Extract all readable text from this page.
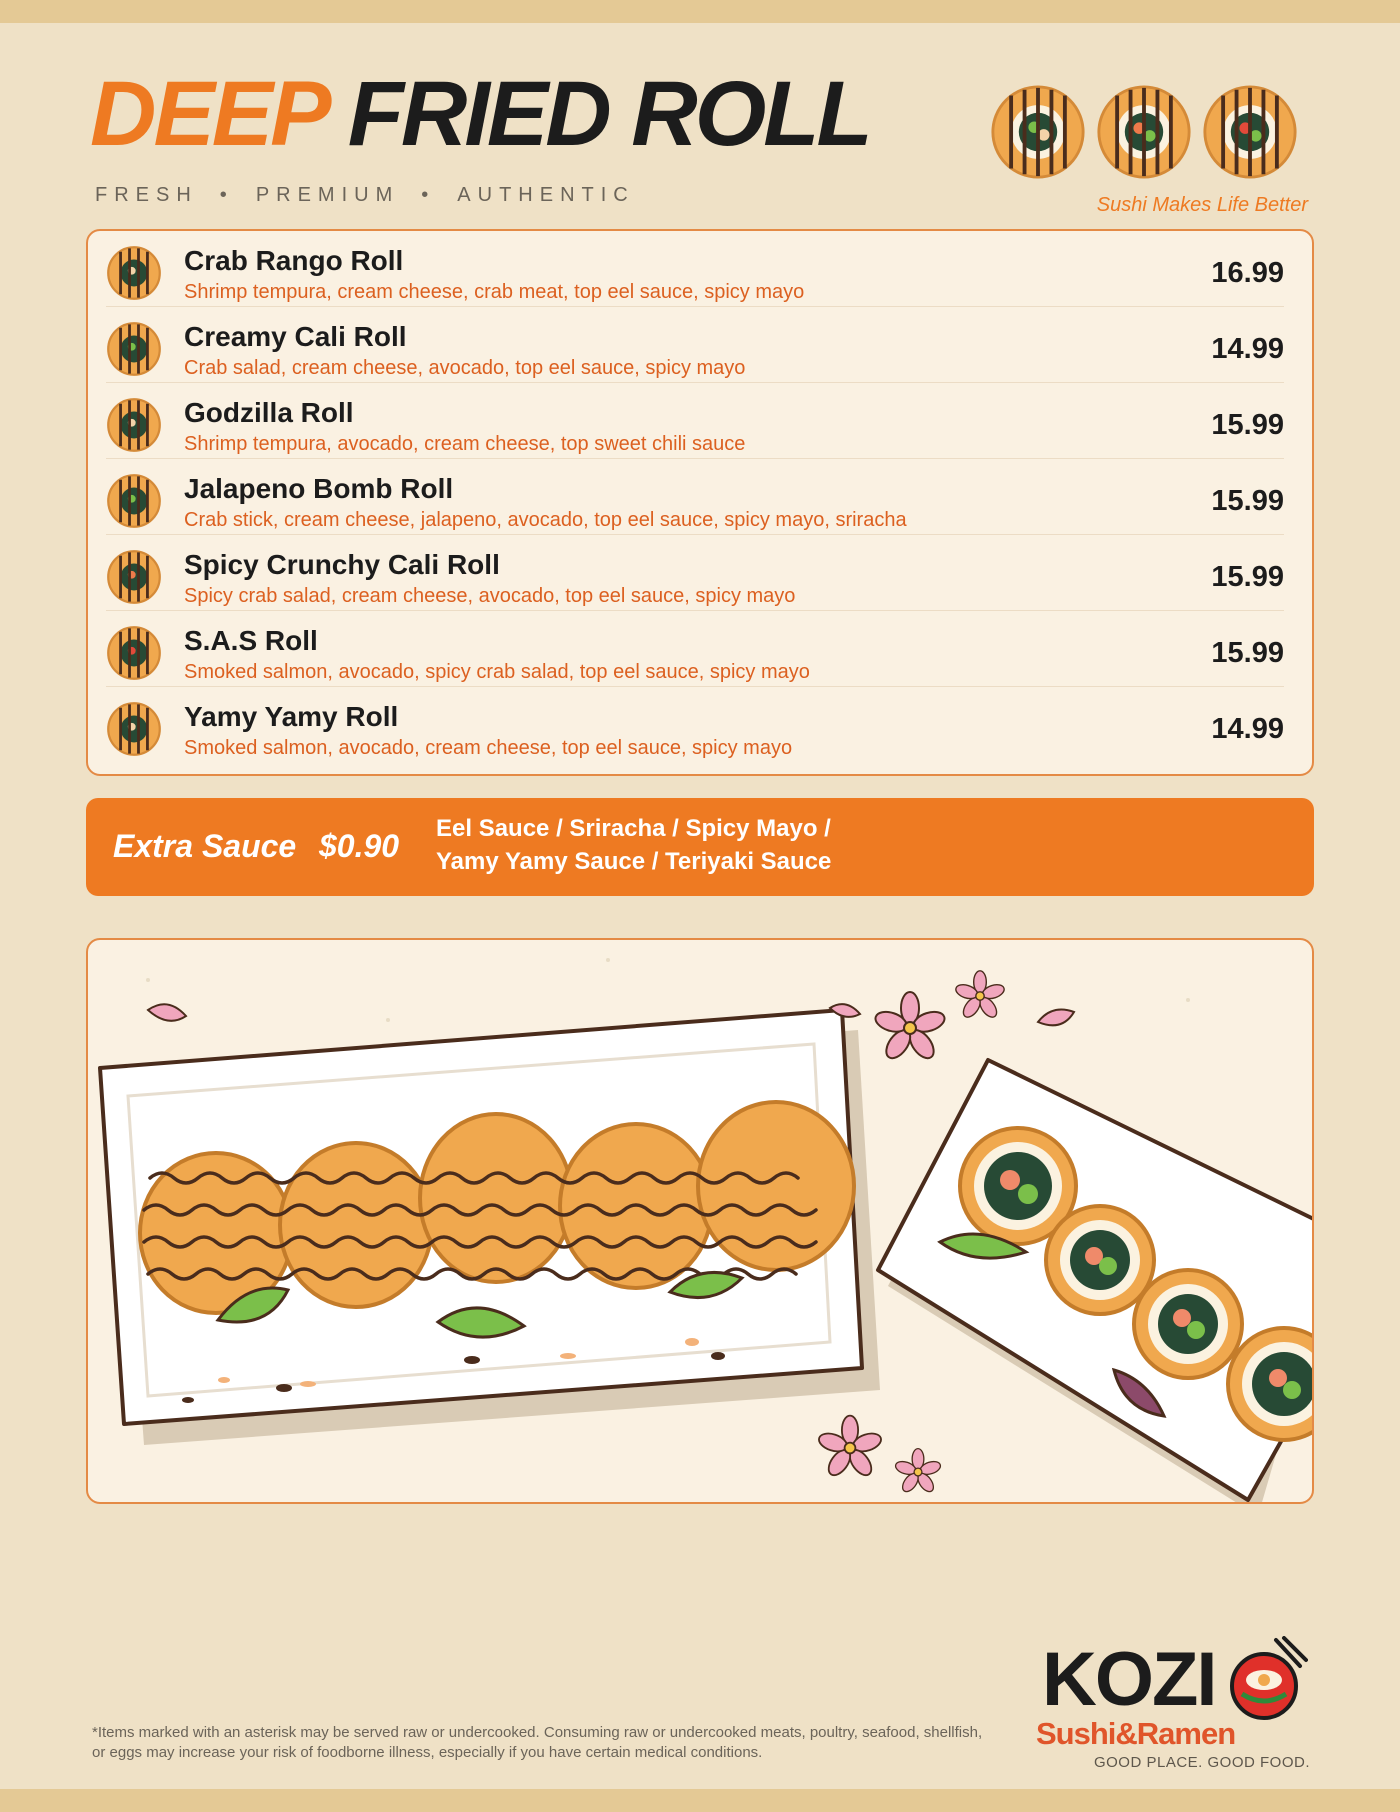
DEEP FRIED ROLL
FRESH • PREMIUM • AUTHENTIC	Sushi Makes Life Better
Crab Rango Roll
Shrimp tempura, cream cheese, crab meat, top eel sauce, spicy mayo
16.99
Creamy Cali Roll
Crab salad, cream cheese, avocado, top eel sauce, spicy mayo
14.99
Godzilla Roll
Shrimp tempura, avocado, cream cheese, top sweet chili sauce
15.99
Jalapeno Bomb Roll
Crab stick, cream cheese, jalapeno, avocado, top eel sauce, spicy mayo, sriracha
15.99
Spicy Crunchy Cali Roll
Spicy crab salad, cream cheese, avocado, top eel sauce, spicy mayo
15.99
S.A.S Roll
Smoked salmon, avocado, spicy crab salad, top eel sauce, spicy mayo
15.99
Yamy Yamy Roll
Smoked salmon, avocado, cream cheese, top eel sauce, spicy mayo
14.99
Extra Sauce $0.90 Eel Sauce / Sriracha / Spicy Mayo /
Yamy Yamy Sauce / Teriyaki Sauce
*Items marked with an asterisk may be served raw or undercooked. Consuming raw or undercooked meats, poultry, seafood, shellfish, or eggs may increase your risk of foodborne illness, especially if you have certain medical conditions.
KOZI
Sushi&Ramen
GOOD PLACE. GOOD FOOD.
